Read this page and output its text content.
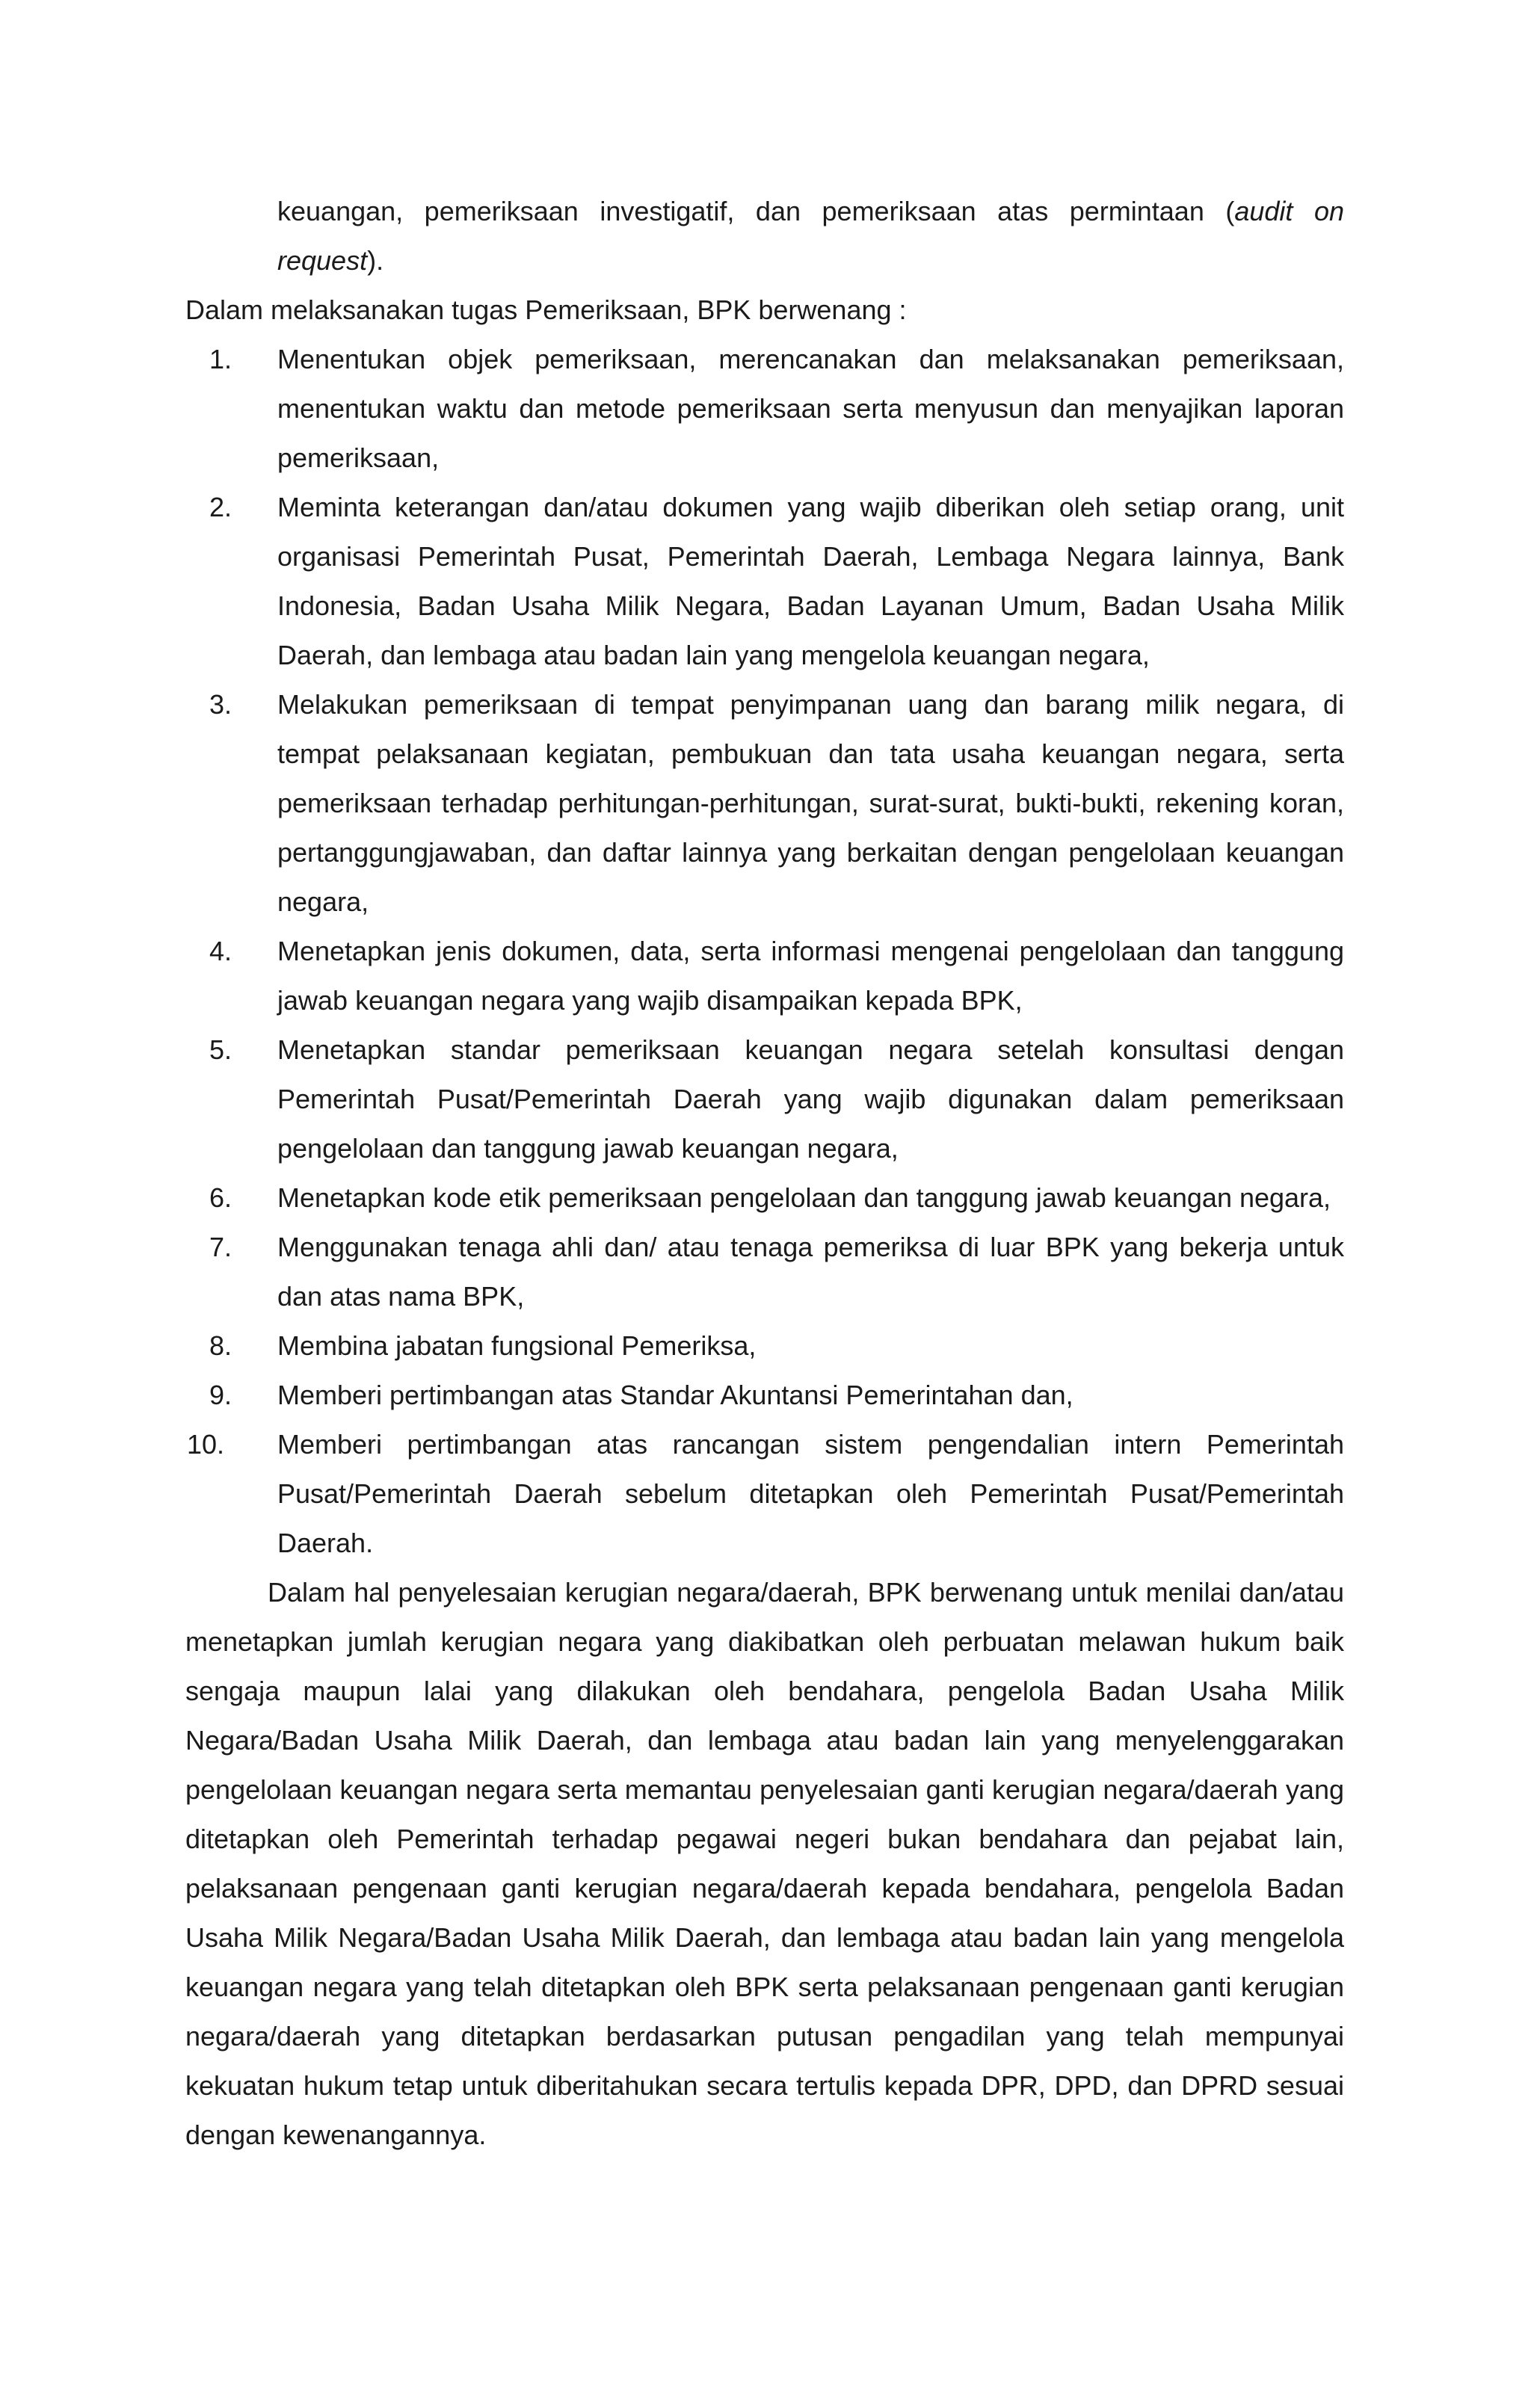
keuangan, pemeriksaan investigatif, dan pemeriksaan atas permintaan (audit on request).

Dalam melaksanakan tugas Pemeriksaan, BPK berwenang :

1. Menentukan objek pemeriksaan, merencanakan dan melaksanakan pemeriksaan, menentukan waktu dan metode pemeriksaan serta menyusun dan menyajikan laporan pemeriksaan,
2. Meminta keterangan dan/atau dokumen yang wajib diberikan oleh setiap orang, unit organisasi Pemerintah Pusat, Pemerintah Daerah, Lembaga Negara lainnya, Bank Indonesia, Badan Usaha Milik Negara, Badan Layanan Umum, Badan Usaha Milik Daerah, dan lembaga atau badan lain yang mengelola keuangan negara,
3. Melakukan pemeriksaan di tempat penyimpanan uang dan barang milik negara, di tempat pelaksanaan kegiatan, pembukuan dan tata usaha keuangan negara, serta pemeriksaan terhadap perhitungan-perhitungan, surat-surat, bukti-bukti, rekening koran, pertanggungjawaban, dan daftar lainnya yang berkaitan dengan pengelolaan keuangan negara,
4. Menetapkan jenis dokumen, data, serta informasi mengenai pengelolaan dan tanggung jawab keuangan negara yang wajib disampaikan kepada BPK,
5. Menetapkan standar pemeriksaan keuangan negara setelah konsultasi dengan Pemerintah Pusat/Pemerintah Daerah yang wajib digunakan dalam pemeriksaan pengelolaan dan tanggung jawab keuangan negara,
6. Menetapkan kode etik pemeriksaan pengelolaan dan tanggung jawab keuangan negara,
7. Menggunakan tenaga ahli dan/ atau tenaga pemeriksa di luar BPK yang bekerja untuk dan atas nama BPK,
8. Membina jabatan fungsional Pemeriksa,
9. Memberi pertimbangan atas Standar Akuntansi Pemerintahan dan,
10. Memberi pertimbangan atas rancangan sistem pengendalian intern Pemerintah Pusat/Pemerintah Daerah sebelum ditetapkan oleh Pemerintah Pusat/Pemerintah Daerah.

Dalam hal penyelesaian kerugian negara/daerah, BPK berwenang untuk menilai dan/atau menetapkan jumlah kerugian negara yang diakibatkan oleh perbuatan melawan hukum baik sengaja maupun lalai yang dilakukan oleh bendahara, pengelola Badan Usaha Milik Negara/Badan Usaha Milik Daerah, dan lembaga atau badan lain yang menyelenggarakan pengelolaan keuangan negara serta memantau penyelesaian ganti kerugian negara/daerah yang ditetapkan oleh Pemerintah terhadap pegawai negeri bukan bendahara dan pejabat lain, pelaksanaan pengenaan ganti kerugian negara/daerah kepada bendahara, pengelola Badan Usaha Milik Negara/Badan Usaha Milik Daerah, dan lembaga atau badan lain yang mengelola keuangan negara yang telah ditetapkan oleh BPK serta pelaksanaan pengenaan ganti kerugian negara/daerah yang ditetapkan berdasarkan putusan pengadilan yang telah mempunyai kekuatan hukum tetap untuk diberitahukan secara tertulis kepada DPR, DPD, dan DPRD sesuai dengan kewenangannya.
